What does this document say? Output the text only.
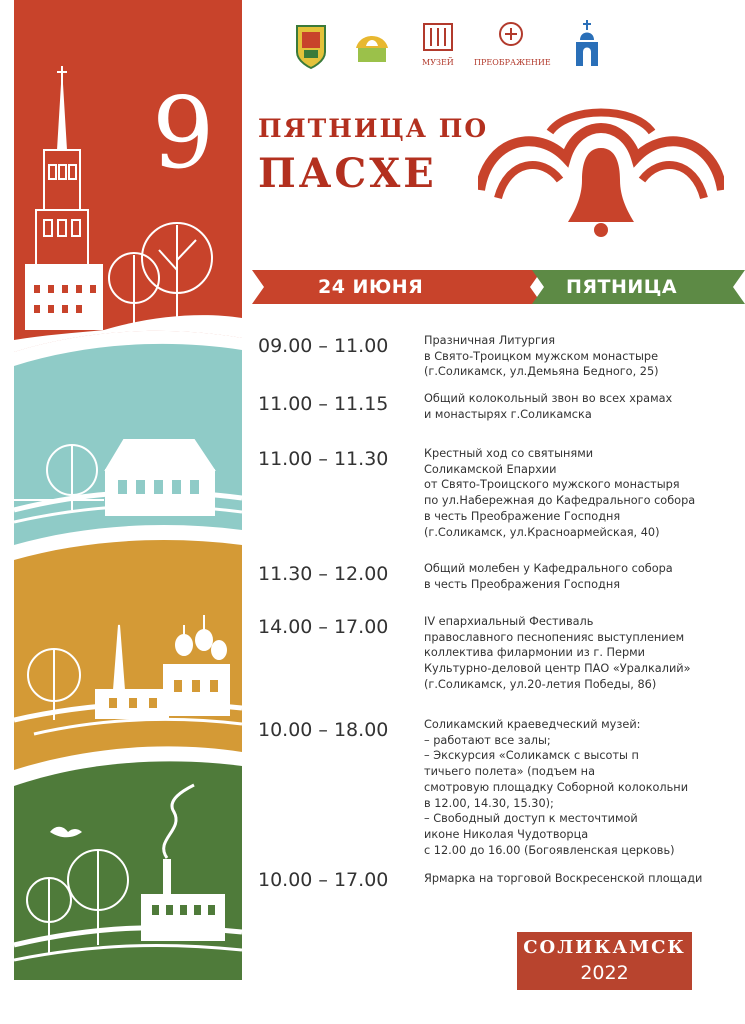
МУЗЕЙ	ПРЕОБРАЖЕНИЕ
9 ПЯТНИЦА ПО
ПАСХЕ
24 ИЮНЯ	ПЯТНИЦА
09.00 – 11.00	Празничная Литургия
в Свято-Троицком мужском монастыре
(г.Соликамск, ул.Демьяна Бедного, 25)
11.00 – 11.15	Общий колокольный звон во всех храмах
и монастырях г.Соликамска
11.00 – 11.30	Крестный ход со святынями
Соликамской Епархии
от Свято-Троицского мужского монастыря
по ул.Набережная до Кафедрального собора
в честь Преображение Господня
(г.Соликамск, ул.Краснoармейская, 40)
11.30 – 12.00	Общий молебен у Кафедрального собора
в честь Преображения Господня
14.00 – 17.00	IV епархиальный Фестиваль
православного песнопенияс выступлением
коллектива филармонии из г. Перми
Культурно-деловой центр ПАО «Уралкалий»
(г.Соликамск, ул.20-летия Победы, 86)
10.00 – 18.00	Соликамский краеведческий музей:
– работают все залы;
– Экскурсия «Соликамск с высоты п
тичьего полета» (подъем на
смотровую площадку Соборной колокольни
в 12.00, 14.30, 15.30);
– Свободный доступ к месточтимой
иконе Николая Чудотворца
с 12.00 до 16.00 (Богоявленская церковь)
10.00 – 17.00	Ярмарка на торговой Воскресенской площади
СОЛИКАМСК
2022
